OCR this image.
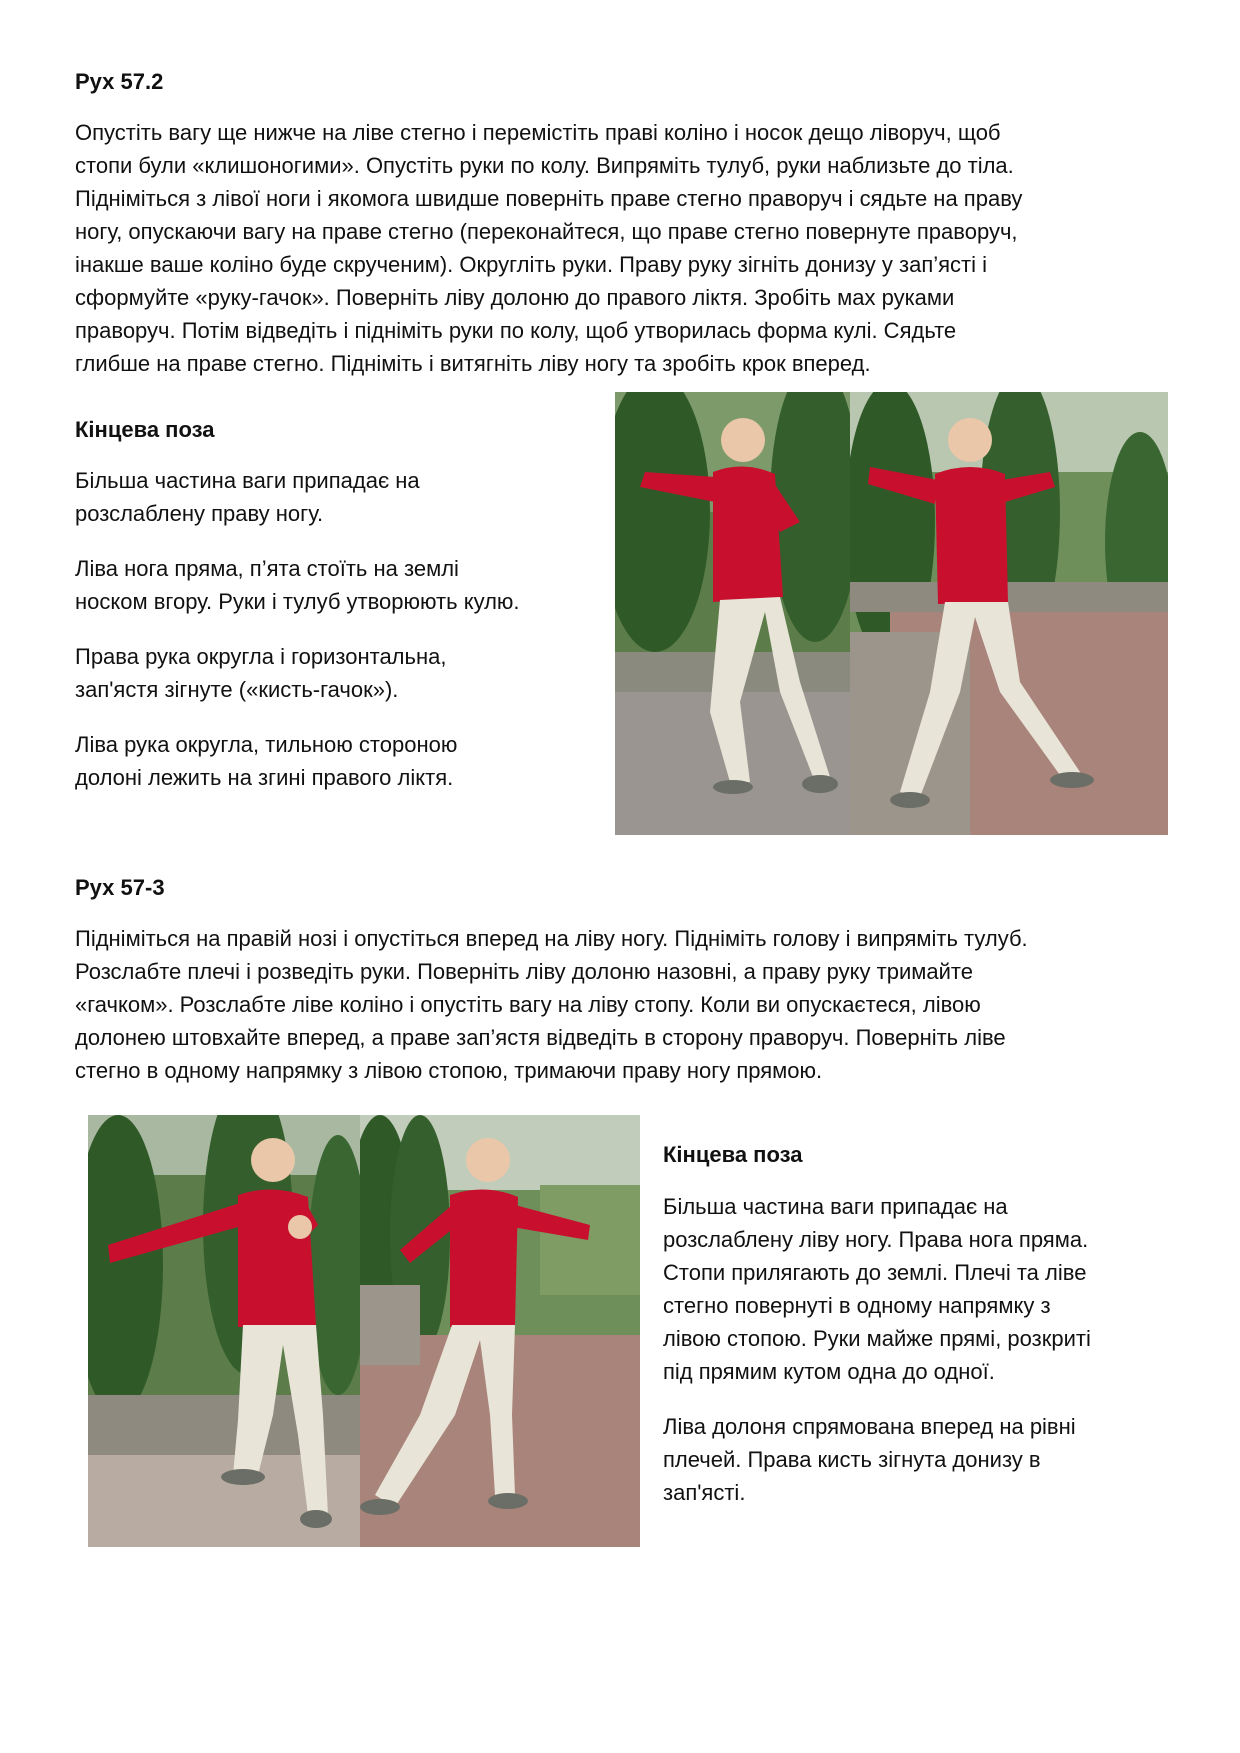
Рух 57.2

Опустіть вагу ще нижче на ліве стегно і перемістіть праві коліно і носок дещо ліворуч, щоб
стопи були «клишоногими». Опустіть руки по колу. Випряміть тулуб, руки наблизьте до тіла.
Підніміться з лівої ноги і якомога швидше поверніть праве стегно праворуч і сядьте на праву
ногу, опускаючи вагу на праве стегно (переконайтеся, що праве стегно повернуте праворуч,
інакше ваше коліно буде скрученим). Округліть руки. Праву руку зігніть донизу у зап’ясті і
сформуйте «руку-гачок». Поверніть ліву долоню до правого ліктя. Зробіть мах руками
праворуч. Потім відведіть і підніміть руки по колу, щоб утворилась форма кулі. Сядьте
глибше на праве стегно. Підніміть і витягніть ліву ногу та зробіть крок вперед.

Кінцева поза

Більша частина ваги припадає на
розслаблену праву ногу.

Ліва нога пряма, п’ята стоїть на землі
носком вгору. Руки і тулуб утворюють кулю.

Права рука округла і горизонтальна,
зап'ястя зігнуте («кисть-гачок»).

Ліва рука округла, тильною стороною
долоні лежить на згині правого ліктя.

Рух 57-3

Підніміться на правій нозі і опустіться вперед на ліву ногу. Підніміть голову і випряміть тулуб.
Розслабте плечі і розведіть руки. Поверніть ліву долоню назовні, а праву руку тримайте
«гачком». Розслабте ліве коліно і опустіть вагу на ліву стопу. Коли ви опускаєтеся, лівою
долонею штовхайте вперед, а праве зап’ястя відведіть в сторону праворуч. Поверніть ліве
стегно в одному напрямку з лівою стопою, тримаючи праву ногу прямою.

Кінцева поза

Більша частина ваги припадає на
розслаблену ліву ногу. Права нога пряма.
Стопи прилягають до землі. Плечі та ліве
стегно повернуті в одному напрямку з
лівою стопою. Руки майже прямі, розкриті
під прямим кутом одна до одної.

Ліва долоня спрямована вперед на рівні
плечей. Права кисть зігнута донизу в
зап'ясті.
